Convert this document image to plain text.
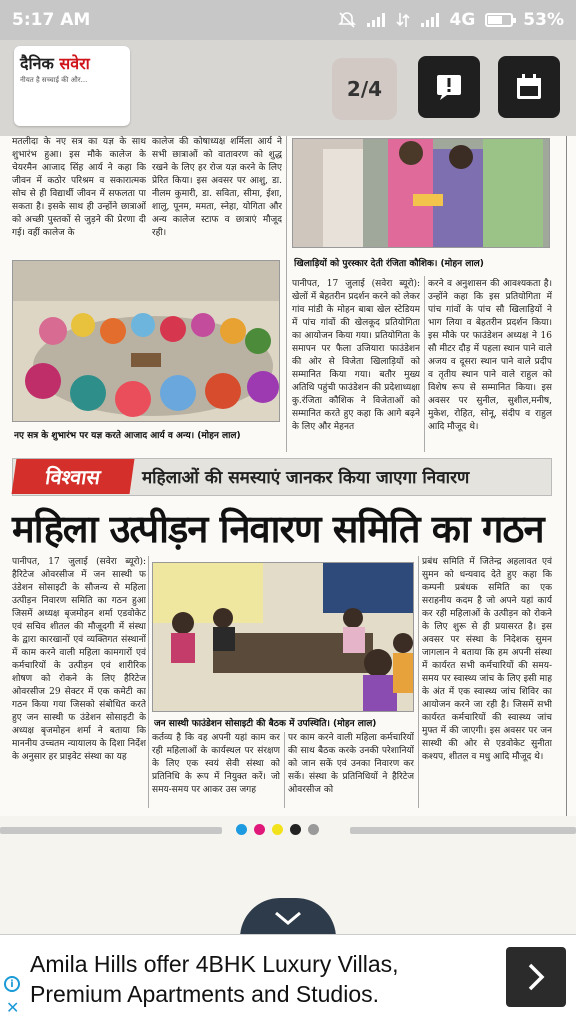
5:17 AM	4G	53%
दैनिक सवेरा
नीयत है सच्चाई की और...	2/4
मतलीदा के नए सत्र का यज्ञ के साथ शुभारंभ हुआ। इस मौके कालेज के चेयरमैन आजाद सिंह आर्य ने कहा कि जीवन में कठोर परिश्रम व सकारात्मक सोच से ही विद्यार्थी जीवन में सफलता पा सकता है। इसके साथ ही उन्होंने छात्राओं को अच्छी पुस्तकों से जुड़ने की प्रेरणा दी गई। वहीं कालेज के
कालेज की कोषाध्यक्ष शर्मिला आर्य ने सभी छात्राओं को वातावरण को शुद्ध रखने के लिए हर रोज यज्ञ करने के लिए प्रेरित किया। इस अवसर पर आशु, डा. नीलम कुमारी, डा. सविता, सीमा, ईशा, शालु, पूनम, ममता, स्नेहा, योगिता और अन्य कालेज स्टाफ व छात्राएं मौजूद रही।
नए सत्र के शुभारंभ पर यज्ञ करते आजाद आर्य व अन्य। (मोहन लाल)
खिलाड़ियों को पुरस्कार देती रंजिता कौशिक। (मोहन लाल)
पानीपत, 17 जुलाई (सवेरा ब्यूरो): खेलों में बेहतरीन प्रदर्शन करने को लेकर गांव मांडी के मोहन बाबा खेल स्टेडियम में पांच गांवों की खेलकूद प्रतियोगिता का आयोजन किया गया। प्रतियोगिता के समापन पर फैला उजियारा फाउंडेशन की ओर से विजेता खिलाड़ियों को सम्मानित किया गया। बतौर मुख्य अतिथि पहुंची फाउंडेशन की प्रदेशाध्यक्षा कु.रंजिता कौशिक ने विजेताओं को सम्मानित करते हुए कहा कि आगे बढ़ने के लिए और मेहनत
करने व अनुशासन की आवश्यकता है। उन्होंने कहा कि इस प्रतियोगिता में पांच गांवों के पांच सौ खिलाड़ियों ने भाग लिया व बेहतरीन प्रदर्शन किया। इस मौके पर फाउंडेशन अध्यक्ष ने 16 सौ मीटर दौड़ में पहला स्थान पाने वाले अजय व दूसरा स्थान पाने वाले प्रदीप व तृतीय स्थान पाने वाले राहुल को विशेष रूप से सम्मानित किया। इस अवसर पर सुनील, सुशील,मनीष, मुकेश, रोहित, सोनू, संदीप व राहुल आदि मौजूद थे।
विश्वास	महिलाओं की समस्याएं जानकर किया जाएगा निवारण
महिला उत्पीड़न निवारण समिति का गठन
पानीपत, 17 जुलाई (सवेरा ब्यूरो): हैरिटेज ओवरसीज में जन सास्थी फ उंडेशन सोसाइटी के सौजन्य से महिला उत्पीड़न निवारण समिति का गठन हुआ जिसमें अध्यक्ष बृजमोहन शर्मा एडवोकेट एवं सचिव शीतल की मौजूदगी में संस्था के द्वारा कारखानों एवं व्यक्तिगत संस्थानों में काम करने वाली महिला कामगारों एवं कर्मचारियों के उत्पीड़न एवं शारीरिक शोषण को रोकने के लिए हैरिटेज ओवरसीज 29 सेक्टर में एक कमेटी का गठन किया गया जिसको संबोधित करते हुए जन सास्थी फ उंडेशन सोसाइटी के अध्यक्ष बृजमोहन शर्मा ने बताया कि माननीय उच्चतम न्यायालय के दिशा निर्देश के अनुसार हर प्राइवेट संस्था का यह
जन सास्थी फाउंडेशन सोसाइटी की बैठक में उपस्थिति। (मोहन लाल)
कर्तव्य है कि वह अपनी यहां काम कर रही महिलाओं के कार्यस्थल पर संरक्षण के लिए एक स्वयं सेवी संस्था को प्रतिनिधि के रूप में नियुक्त करें। जो समय-समय पर आकर उस जगह
पर काम करने वाली महिला कर्मचारियों की साथ बैठक करके उनकी परेशानियों को जान सकें एवं उनका निवारण कर सकें। संस्था के प्रतिनिधियों ने हैरिटेज ओवरसीज को
प्रबंध समिति में जितेन्द्र अहलावत एवं सुमन को धन्यवाद देते हुए कहा कि कम्पनी प्रबंधक समिति का एक सराहनीय कदम है जो अपने यहां कार्य कर रही महिलाओं के उत्पीड़न को रोकने के लिए शुरू से ही प्रयासरत है। इस अवसर पर संस्था के निदेशक सुमन जागलान ने बताया कि हम अपनी संस्था में कार्यरत सभी कर्मचारियों की समय-समय पर स्वास्थ्य जांच के लिए इसी माह के अंत में एक स्वास्थ्य जांच शिविर का आयोजन करने जा रही है। जिसमें सभी कार्यरत कर्मचारियों की स्वास्थ्य जांच मुफ्त में की जाएगी। इस अवसर पर जन सास्थी की ओर से एडवोकेट सुनीता कश्यप, शीतल व मधु आदि मौजूद थे।
Amila Hills offer 4BHK Luxury Villas,
Premium Apartments and Studios.
i
✕
